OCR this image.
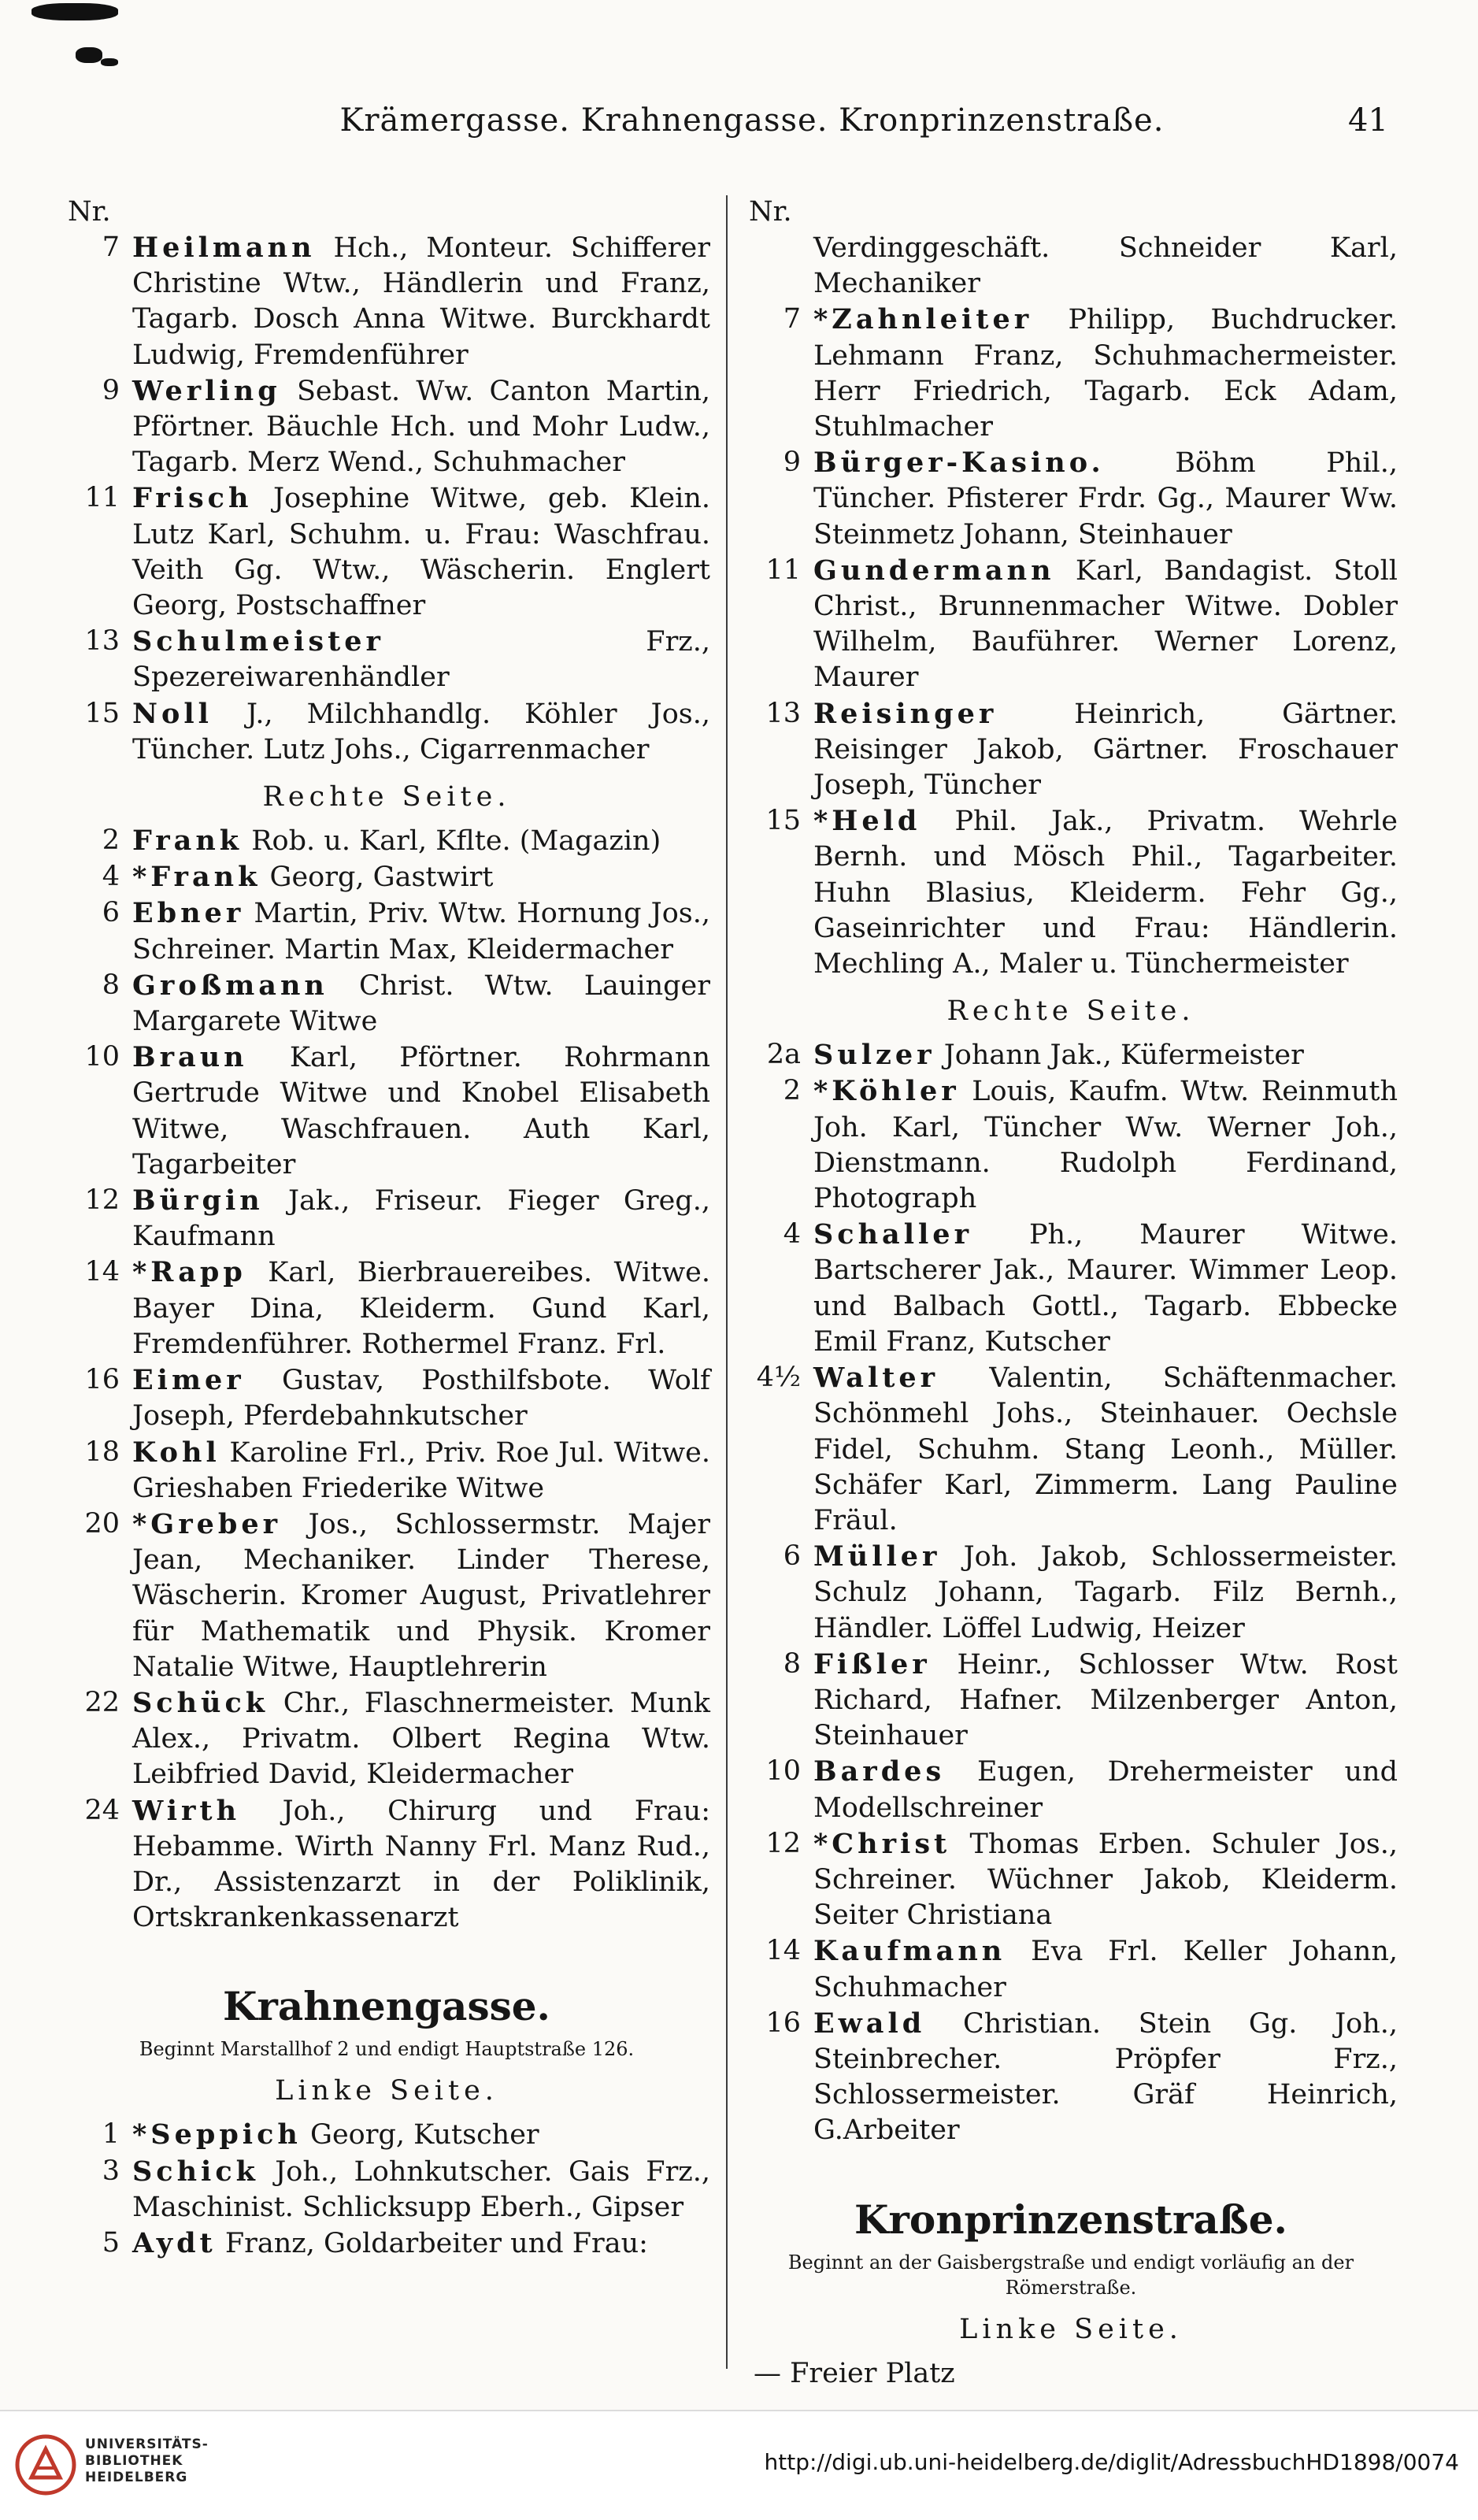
Krämergasse. Krahnengasse. Kronprinzenstraße.	41
Nr.
7 Heilmann Hch., Monteur. Schifferer Christine Wtw., Händlerin und Franz, Tagarb. Dosch Anna Witwe. Burckhardt Ludwig, Fremdenführer
9 Werling Sebast. Ww. Canton Martin, Pförtner. Bäuchle Hch. und Mohr Ludw., Tagarb. Merz Wend., Schuhmacher
11 Frisch Josephine Witwe, geb. Klein. Lutz Karl, Schuhm. u. Frau: Waschfrau. Veith Gg. Wtw., Wäscherin. Englert Georg, Postschaffner
13 Schulmeister	Frz., Spezereiwarenhändler
15 Noll J., Milchhandlg. Köhler Jos., Tüncher. Lutz Johs., Cigarrenmacher
Rechte Seite.
2 Frank Rob. u. Karl, Kflte. (Magazin)
4 *Frank Georg, Gastwirt
6 Ebner Martin, Priv. Wtw. Hornung Jos., Schreiner. Martin Max, Kleidermacher
8 Großmann Christ. Wtw. Lauinger Margarete Witwe
10 Braun Karl, Pförtner. Rohrmann Gertrude Witwe und Knobel Elisabeth Witwe, Waschfrauen. Auth Karl, Tagarbeiter
12 Bürgin Jak., Friseur. Fieger Greg., Kaufmann
14 *Rapp Karl, Bierbrauereibes. Witwe. Bayer Dina, Kleiderm. Gund Karl, Fremdenführer. Rothermel Franz. Frl.
16 Eimer Gustav, Posthilfsbote. Wolf Joseph, Pferdebahnkutscher
18 Kohl Karoline Frl., Priv. Roe Jul. Witwe. Grieshaben Friederike Witwe
20 *Greber Jos., Schlossermstr. Majer Jean, Mechaniker. Linder Therese, Wäscherin. Kromer August, Privatlehrer für Mathematik und Physik. Kromer Natalie Witwe, Hauptlehrerin
22 Schück Chr., Flaschnermeister. Munk Alex., Privatm. Olbert Regina Wtw. Leibfried David, Kleidermacher
24 Wirth Joh., Chirurg und Frau: Hebamme. Wirth Nanny Frl. Manz Rud., Dr., Assistenzarzt in der Poliklinik, Ortskrankenkassenarzt
Krahnengasse.
Beginnt Marstallhof 2 und endigt Hauptstraße 126.
Linke Seite.
1 *Seppich Georg, Kutscher
3 Schick Joh., Lohnkutscher. Gais Frz., Maschinist. Schlicksupp Eberh., Gipser
5 Aydt Franz, Goldarbeiter und Frau:
Nr.
Verdinggeschäft. Schneider Karl, Mechaniker
7 *Zahnleiter Philipp, Buchdrucker. Lehmann Franz, Schuhmachermeister. Herr Friedrich, Tagarb. Eck Adam, Stuhlmacher
9 Bürger-Kasino.	Böhm Phil., Tüncher. Pfisterer Frdr. Gg., Maurer Ww. Steinmetz Johann, Steinhauer
11 Gundermann Karl, Bandagist. Stoll Christ., Brunnenmacher Witwe. Dobler Wilhelm, Bauführer. Werner Lorenz, Maurer
13 Reisinger	Heinrich, Gärtner. Reisinger Jakob, Gärtner. Froschauer Joseph, Tüncher
15 *Held Phil. Jak., Privatm. Wehrle Bernh. und Mösch Phil., Tagarbeiter. Huhn Blasius, Kleiderm. Fehr Gg., Gaseinrichter und Frau: Händlerin. Mechling A., Maler u. Tünchermeister
Rechte Seite.
2a Sulzer Johann Jak., Küfermeister
2 *Köhler Louis, Kaufm. Wtw. Reinmuth Joh. Karl, Tüncher Ww. Werner Joh., Dienstmann. Rudolph Ferdinand, Photograph
4 Schaller Ph., Maurer Witwe. Bartscherer Jak., Maurer. Wimmer Leop. und Balbach Gottl., Tagarb. Ebbecke Emil Franz, Kutscher
4½ Walter Valentin, Schäftenmacher. Schönmehl Johs., Steinhauer. Oechsle Fidel, Schuhm. Stang Leonh., Müller. Schäfer Karl, Zimmerm. Lang Pauline Fräul.
6 Müller Joh. Jakob, Schlossermeister. Schulz Johann, Tagarb. Filz Bernh., Händler. Löffel Ludwig, Heizer
8 Fißler Heinr., Schlosser Wtw. Rost Richard, Hafner. Milzenberger Anton, Steinhauer
10 Bardes Eugen, Drehermeister und Modellschreiner
12 *Christ Thomas Erben. Schuler Jos., Schreiner. Wüchner Jakob, Kleiderm. Seiter Christiana
14 Kaufmann Eva Frl. Keller Johann, Schuhmacher
16 Ewald Christian. Stein Gg. Joh., Steinbrecher. Pröpfer Frz., Schlossermeister. Gräf Heinrich, G.Arbeiter
Kronprinzenstraße.
Beginnt an der Gaisbergstraße und endigt vorläufig an der Römerstraße.
Linke Seite.
— Freier Platz
UNIVERSITÄTS-
BIBLIOTHEK
HEIDELBERG
http://digi.ub.uni-heidelberg.de/diglit/AdressbuchHD1898/0074
